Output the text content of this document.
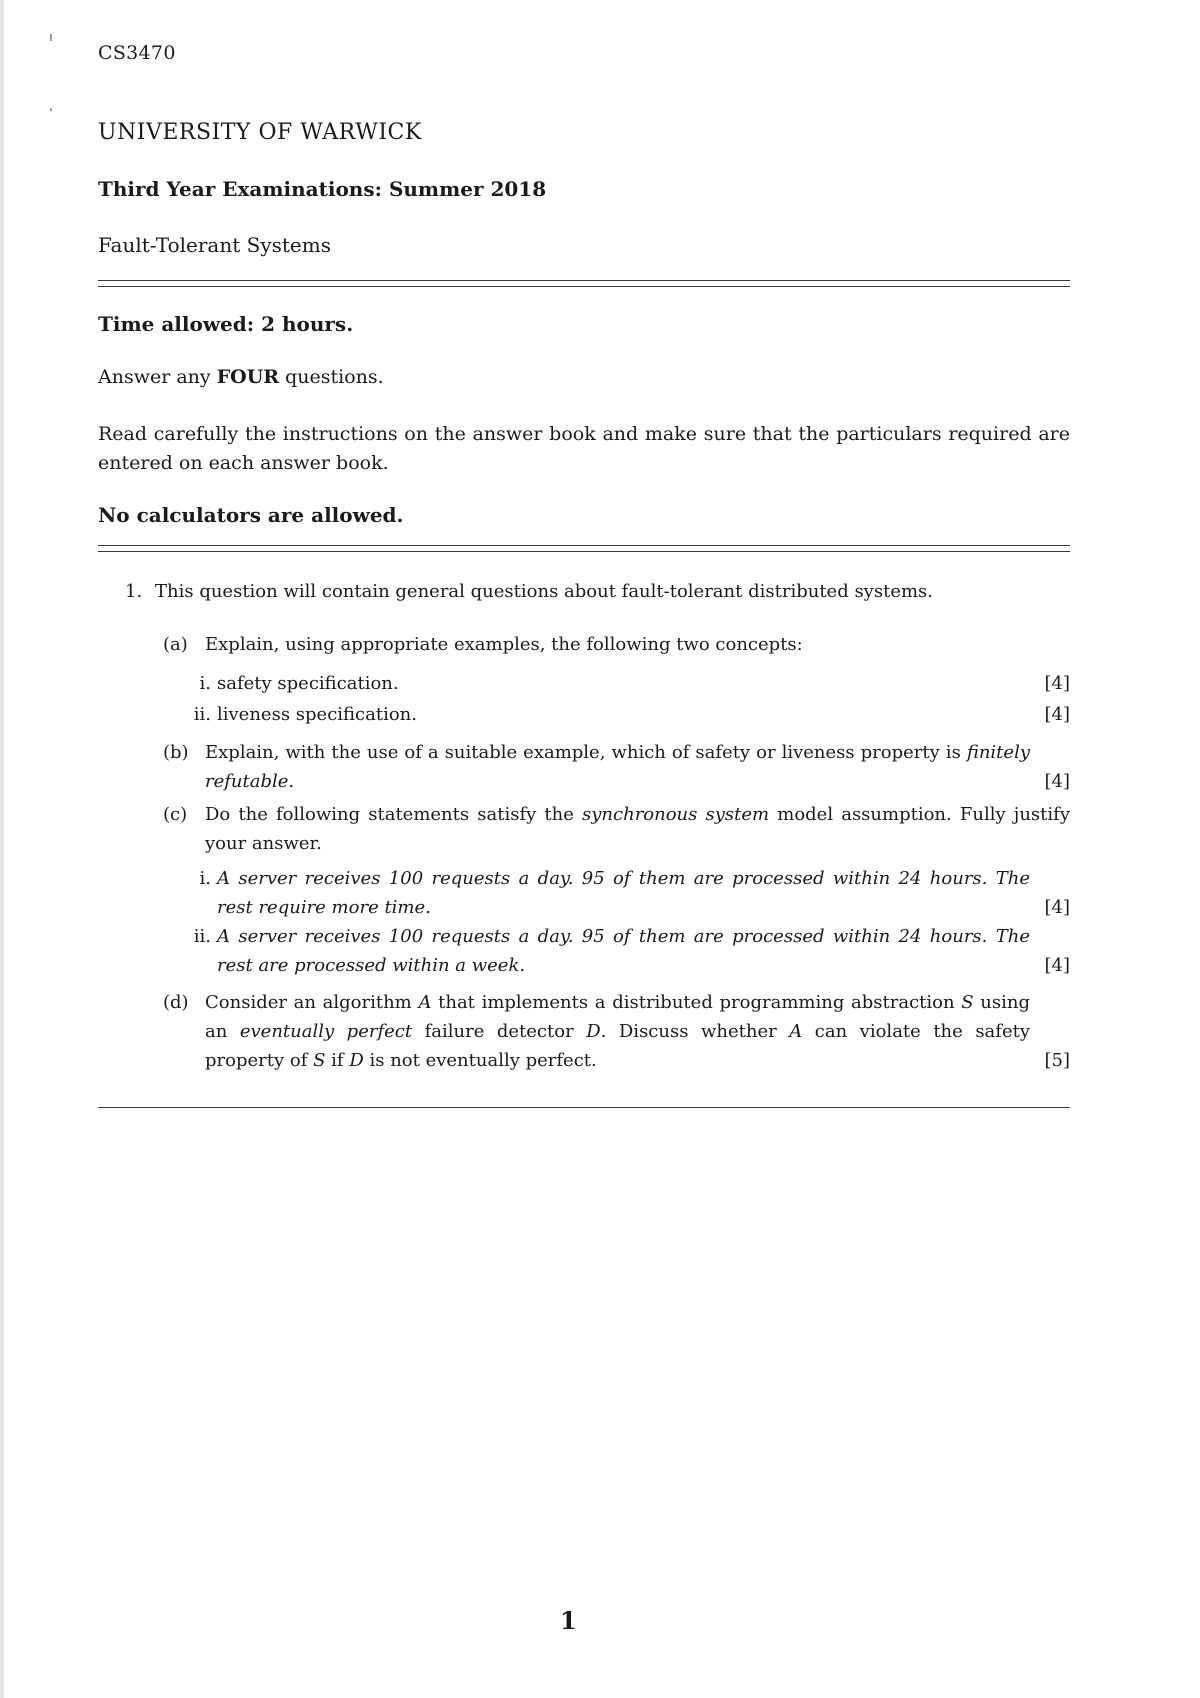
CS3470
UNIVERSITY OF WARWICK
Third Year Examinations: Summer 2018
Fault-Tolerant Systems
Time allowed: 2 hours.
Answer any FOUR questions.
Read carefully the instructions on the answer book and make sure that the particulars required are entered on each answer book.
No calculators are allowed.
1. This question will contain general questions about fault-tolerant distributed systems.
(a) Explain, using appropriate examples, the following two concepts:
i. safety specification.	[4]
ii. liveness specification.	[4]
(b) Explain, with the use of a suitable example, which of safety or liveness property is finitely refutable.	[4]
(c) Do the following statements satisfy the synchronous system model assumption. Fully justify your answer.
i. A server receives 100 requests a day. 95 of them are processed within 24 hours. The rest require more time.	[4]
ii. A server receives 100 requests a day. 95 of them are processed within 24 hours. The rest are processed within a week.	[4]
(d) Consider an algorithm A that implements a distributed programming abstraction S using an eventually perfect failure detector D. Discuss whether A can violate the safety property of S if D is not eventually perfect.	[5]
1
